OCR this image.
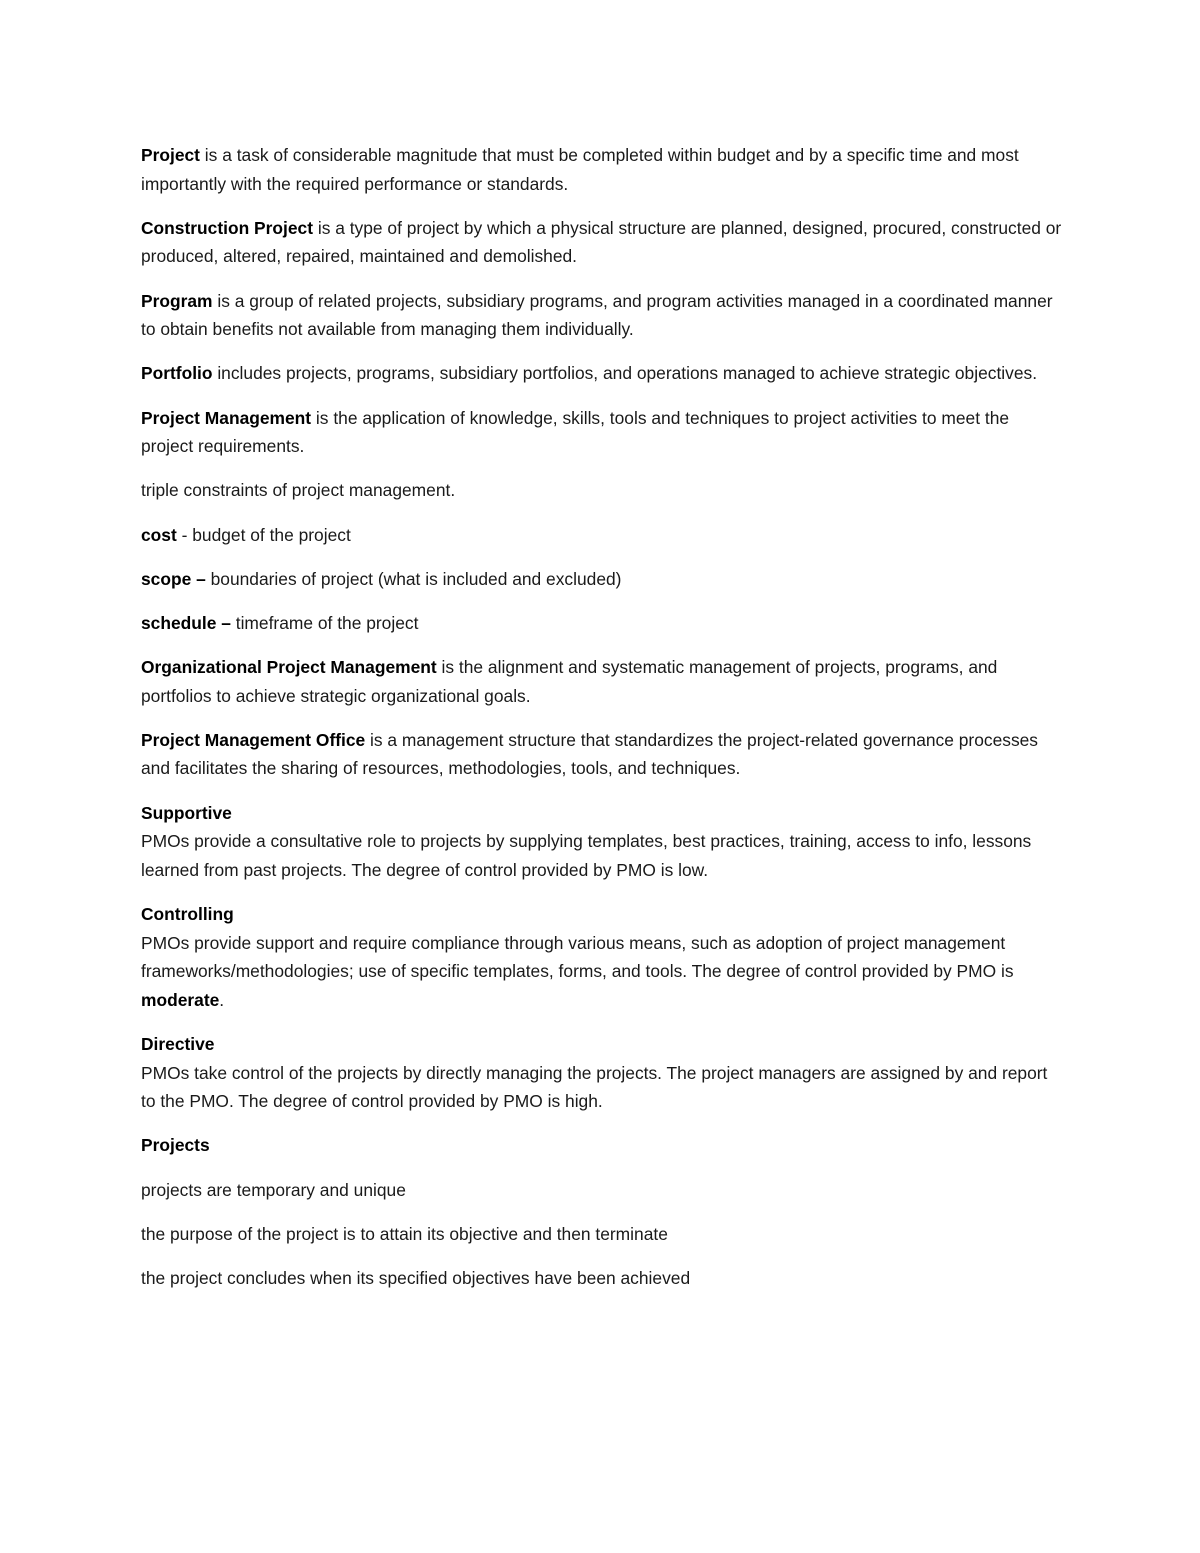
Project is a task of considerable magnitude that must be completed within budget and by a specific time and most importantly with the required performance or standards.

Construction Project is a type of project by which a physical structure are planned, designed, procured, constructed or produced, altered, repaired, maintained and demolished.

Program is a group of related projects, subsidiary programs, and program activities managed in a coordinated manner to obtain benefits not available from managing them individually.

Portfolio includes projects, programs, subsidiary portfolios, and operations managed to achieve strategic objectives.

Project Management is the application of knowledge, skills, tools and techniques to project activities to meet the project requirements.

triple constraints of project management.

cost - budget of the project

scope – boundaries of project (what is included and excluded)

schedule – timeframe of the project

Organizational Project Management is the alignment and systematic management of projects, programs, and portfolios to achieve strategic organizational goals.

Project Management Office is a management structure that standardizes the project-related governance processes and facilitates the sharing of resources, methodologies, tools, and techniques.

Supportive

PMOs provide a consultative role to projects by supplying templates, best practices, training, access to info, lessons learned from past projects. The degree of control provided by PMO is low.

Controlling

PMOs provide support and require compliance through various means, such as adoption of project management frameworks/methodologies; use of specific templates, forms, and tools. The degree of control provided by PMO is moderate.

Directive

PMOs take control of the projects by directly managing the projects. The project managers are assigned by and report to the PMO. The degree of control provided by PMO is high.

Projects

projects are temporary and unique

the purpose of the project is to attain its objective and then terminate

the project concludes when its specified objectives have been achieved
